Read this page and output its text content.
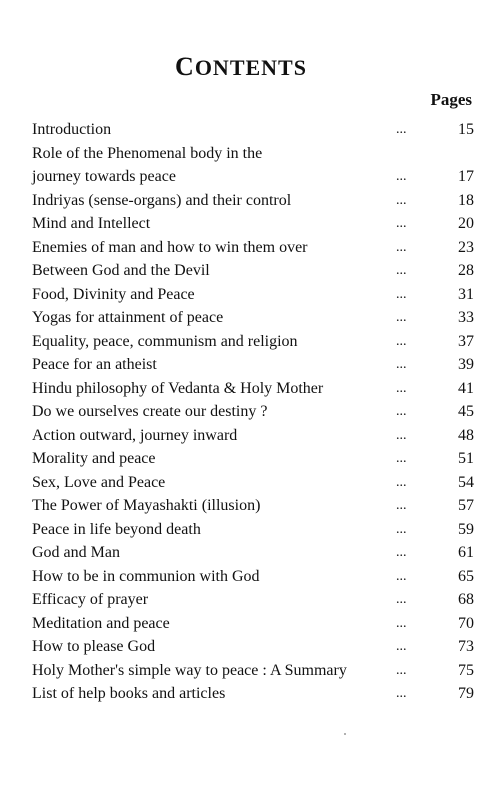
CONTENTS
Pages
Introduction	...	15
Role of the Phenomenal body in the
journey towards peace	...	17
Indriyas (sense-organs) and their control	...	18
Mind and Intellect	...	20
Enemies of man and how to win them over	...	23
Between God and the Devil	...	28
Food, Divinity and Peace	...	31
Yogas for attainment of peace	...	33
Equality, peace, communism and religion	...	37
Peace for an atheist	...	39
Hindu philosophy of Vedanta & Holy Mother	...	41
Do we ourselves create our destiny ?	...	45
Action outward, journey inward	...	48
Morality and peace	...	51
Sex, Love and Peace	...	54
The Power of Mayashakti (illusion)	...	57
Peace in life beyond death	...	59
God and Man	...	61
How to be in communion with God	...	65
Efficacy of prayer	...	68
Meditation and peace	...	70
How to please God	...	73
Holy Mother's simple way to peace : A Summary	...	75
List of help books and articles	...	79
